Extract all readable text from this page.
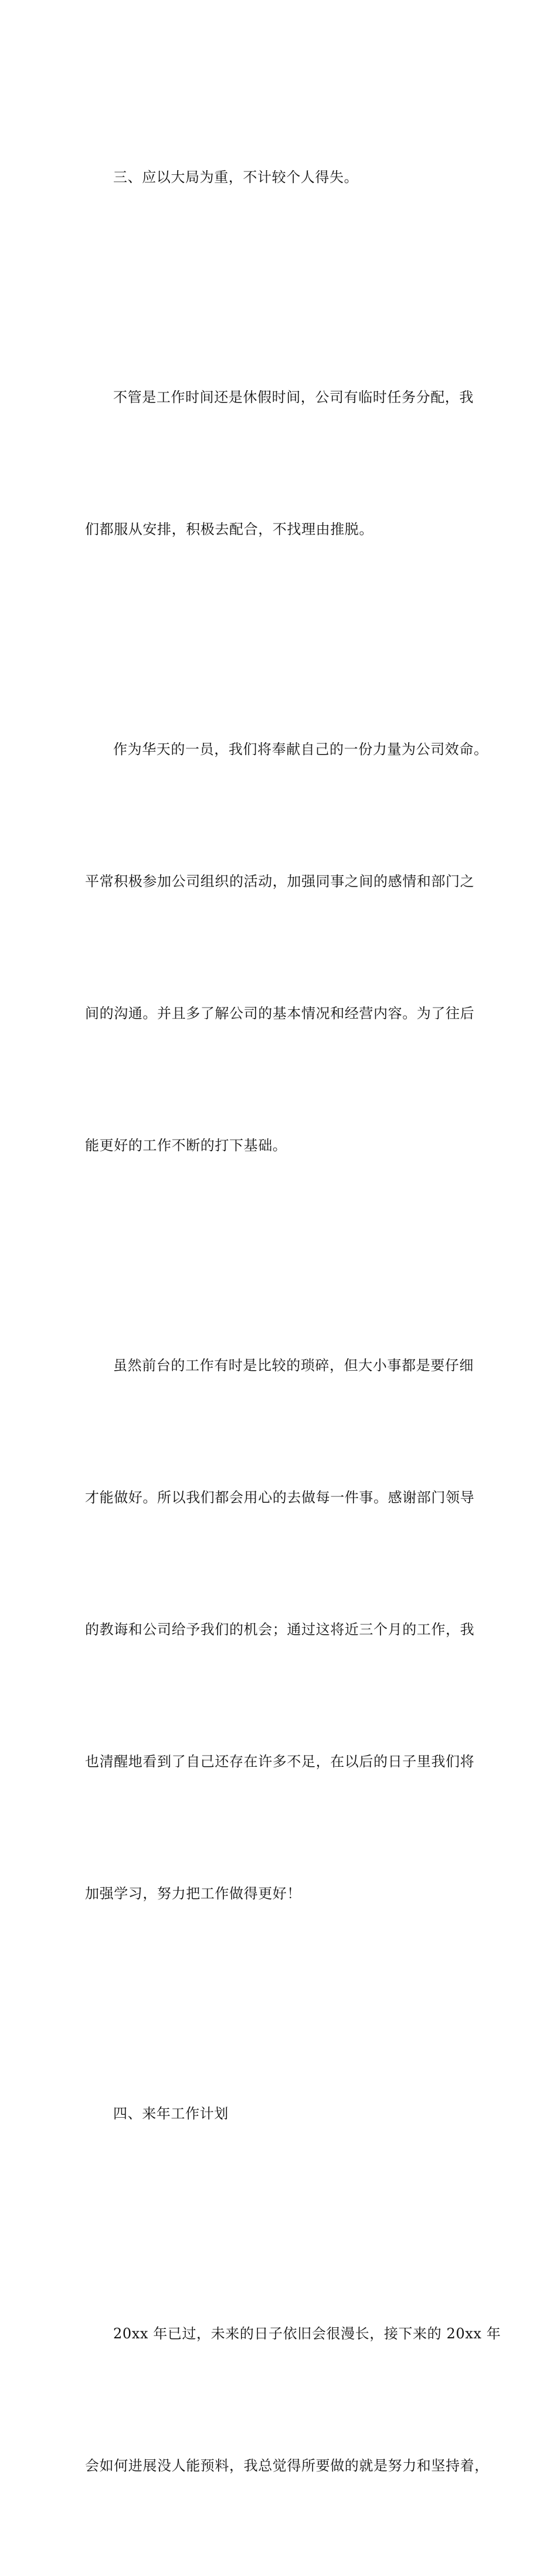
三、应以大局为重，不计较个人得失。

不管是工作时间还是休假时间，公司有临时任务分配，我

们都服从安排，积极去配合，不找理由推脱。

作为华天的一员，我们将奉献自己的一份力量为公司效命。

平常积极参加公司组织的活动，加强同事之间的感情和部门之

间的沟通。并且多了解公司的基本情况和经营内容。为了往后

能更好的工作不断的打下基础。

虽然前台的工作有时是比较的琐碎，但大小事都是要仔细

才能做好。所以我们都会用心的去做每一件事。感谢部门领导

的教诲和公司给予我们的机会；通过这将近三个月的工作，我

也清醒地看到了自己还存在许多不足，在以后的日子里我们将

加强学习，努力把工作做得更好！

四、来年工作计划

20xx 年已过，未来的日子依旧会很漫长，接下来的 20xx 年

会如何进展没人能预料，我总觉得所要做的就是努力和坚持着，
